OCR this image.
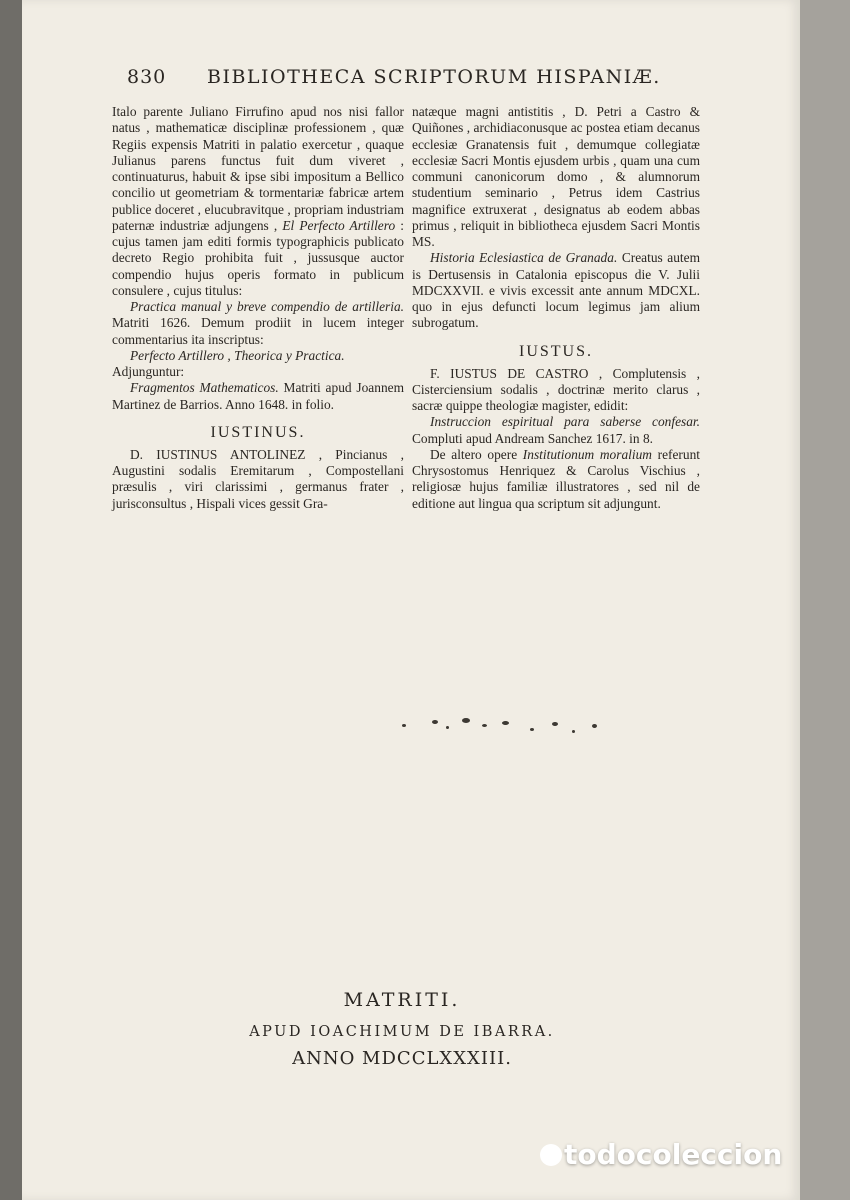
830 BIBLIOTHECA SCRIPTORUM HISPANIÆ.

Italo parente Juliano Firrufino apud nos nisi fallor natus , mathematicæ disciplinæ professionem , quæ Regiis expensis Matriti in palatio exercetur , quaque Julianus parens functus fuit dum viveret , continuaturus, habuit & ipse sibi impositum a Bellico concilio ut geometriam & tormentariæ fabricæ artem publice doceret , elucubravitque , propriam industriam paternæ industriæ adjungens , El Perfecto Artillero : cujus tamen jam editi formis typographicis publicato decreto Regio prohibita fuit , jussusque auctor compendio hujus operis formato in publicum consulere , cujus titulus:

Practica manual y breve compendio de artilleria. Matriti 1626. Demum prodiit in lucem integer commentarius ita inscriptus:

Perfecto Artillero , Theorica y Practica.
Adjunguntur:

Fragmentos Mathematicos. Matriti apud Joannem Martinez de Barrios. Anno 1648. in folio.

IUSTINUS.

D. IUSTINUS ANTOLINEZ , Pincianus , Augustini sodalis Eremitarum , Compostellani præsulis , viri clarissimi , germanus frater , jurisconsultus , Hispali vices gessit Gra-

natæque magni antistitis , D. Petri a Castro & Quiñones , archidiaconusque ac postea etiam decanus ecclesiæ Granatensis fuit , demumque collegiatæ ecclesiæ Sacri Montis ejusdem urbis , quam una cum communi canonicorum domo , & alumnorum studentium seminario , Petrus idem Castrius magnifice extruxerat , designatus ab eodem abbas primus , reliquit in bibliotheca ejusdem Sacri Montis MS.

Historia Eclesiastica de Granada. Creatus autem is Dertusensis in Catalonia episcopus die V. Julii MDCXXVII. e vivis excessit ante annum MDCXL. quo in ejus defuncti locum legimus jam alium subrogatum.

IUSTUS.

F. IUSTUS DE CASTRO , Complutensis , Cisterciensium sodalis , doctrinæ merito clarus , sacræ quippe theologiæ magister, edidit:

Instruccion espiritual para saberse confesar. Compluti apud Andream Sanchez 1617. in 8.

De altero opere Institutionum moralium referunt Chrysostomus Henriquez & Carolus Vischius , religiosæ hujus familiæ illustratores , sed nil de editione aut lingua qua scriptum sit adjungunt.

MATRITI.
APUD IOACHIMUM DE IBARRA.
ANNO MDCCLXXXIII.
todocoleccion
